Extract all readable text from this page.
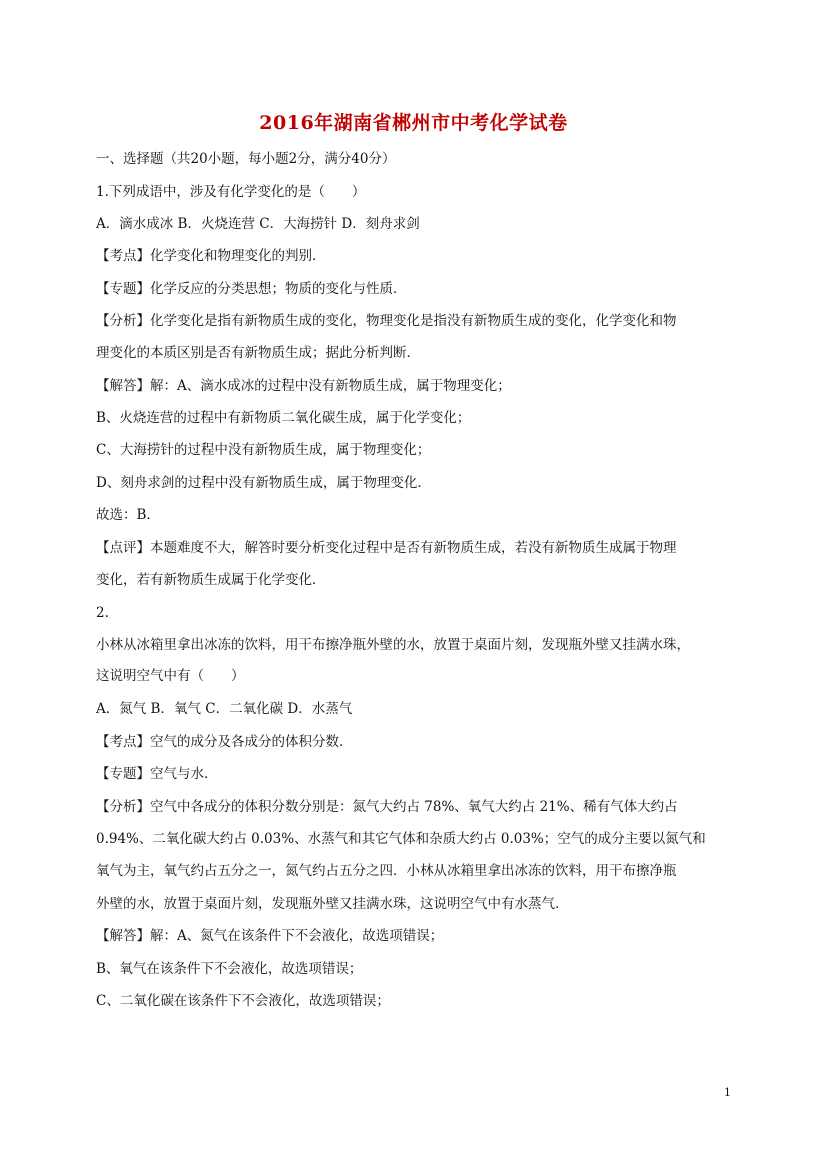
2016年湖南省郴州市中考化学试卷
一、选择题（共20小题，每小题2分，满分40分）
1.下列成语中，涉及有化学变化的是（　　）
A．滴水成冰 B．火烧连营 C．大海捞针 D．刻舟求剑
【考点】化学变化和物理变化的判别．
【专题】化学反应的分类思想；物质的变化与性质．
【分析】化学变化是指有新物质生成的变化，物理变化是指没有新物质生成的变化，化学变化和物
理变化的本质区别是否有新物质生成；据此分析判断．
【解答】解：A、滴水成冰的过程中没有新物质生成，属于物理变化；
B、火烧连营的过程中有新物质二氧化碳生成，属于化学变化；
C、大海捞针的过程中没有新物质生成，属于物理变化；
D、刻舟求剑的过程中没有新物质生成，属于物理变化．
故选：B．
【点评】本题难度不大，解答时要分析变化过程中是否有新物质生成，若没有新物质生成属于物理
变化，若有新物质生成属于化学变化．
2.
小林从冰箱里拿出冰冻的饮料，用干布擦净瓶外壁的水，放置于桌面片刻，发现瓶外壁又挂满水珠，
这说明空气中有（　　）
A．氮气 B．氧气 C．二氧化碳 D．水蒸气
【考点】空气的成分及各成分的体积分数．
【专题】空气与水．
【分析】空气中各成分的体积分数分别是：氮气大约占 78%、氧气大约占 21%、稀有气体大约占
0.94%、二氧化碳大约占 0.03%、水蒸气和其它气体和杂质大约占 0.03%；空气的成分主要以氮气和
氧气为主，氧气约占五分之一，氮气约占五分之四．小林从冰箱里拿出冰冻的饮料，用干布擦净瓶
外壁的水，放置于桌面片刻，发现瓶外壁又挂满水珠，这说明空气中有水蒸气．
【解答】解：A、氮气在该条件下不会液化，故选项错误；
B、氧气在该条件下不会液化，故选项错误；
C、二氧化碳在该条件下不会液化，故选项错误；
1
